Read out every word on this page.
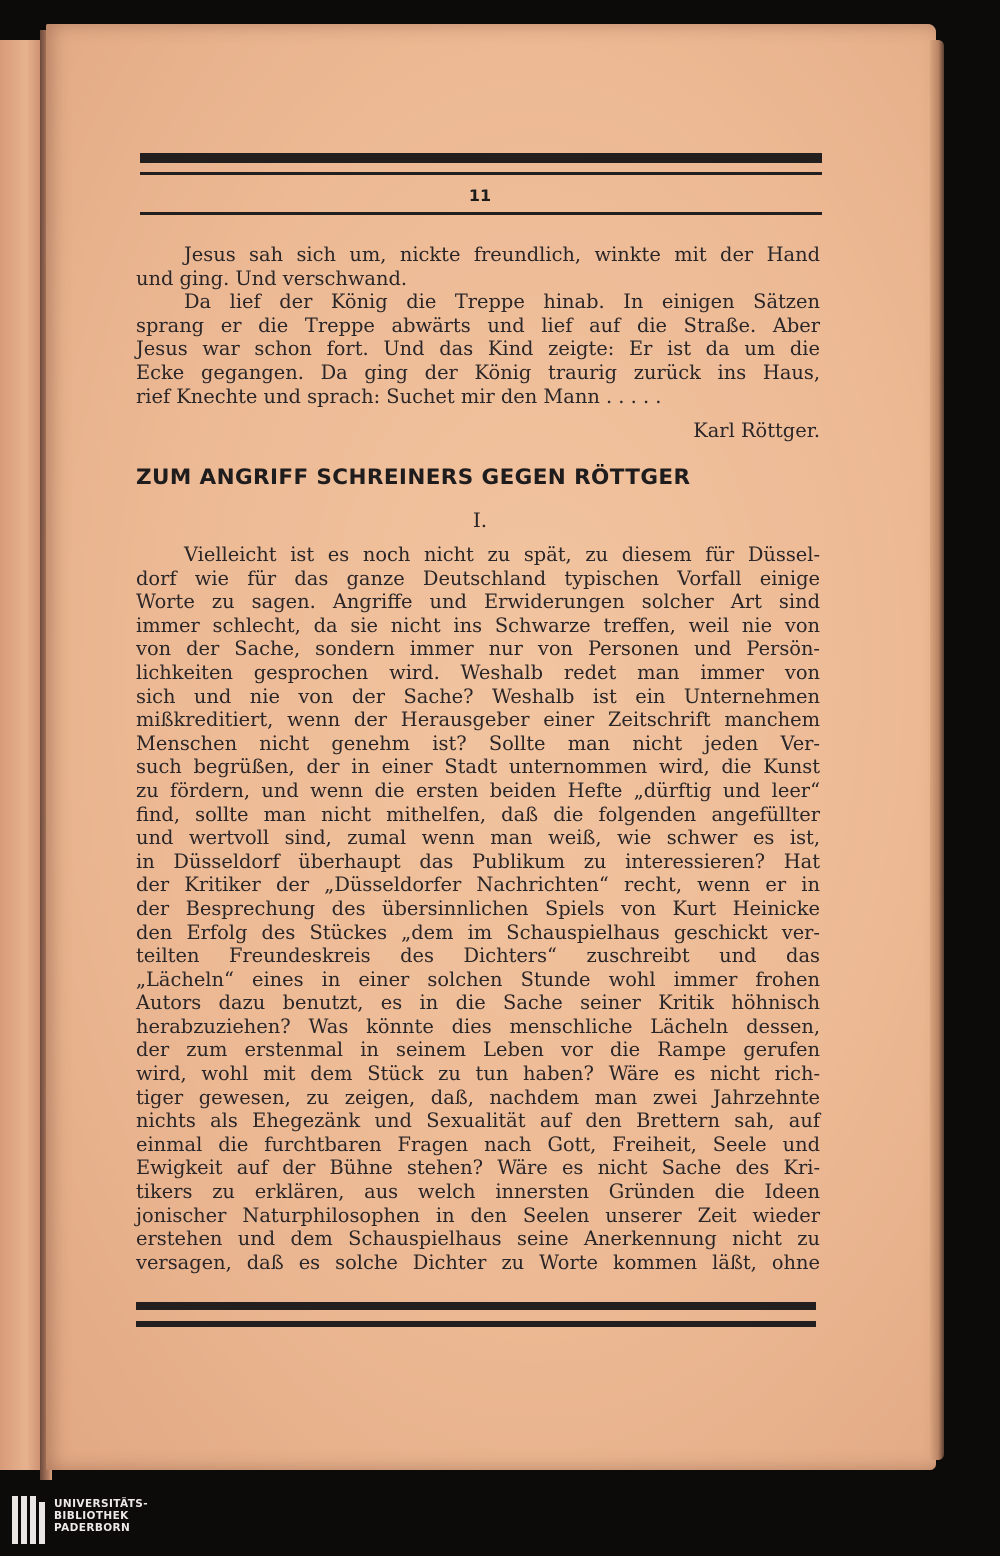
11
Jesus sah sich um, nickte freundlich, winkte mit der Hand
und ging. Und verschwand.
Da lief der König die Treppe hinab. In einigen Sätzen
sprang er die Treppe abwärts und lief auf die Straße. Aber
Jesus war schon fort. Und das Kind zeigte: Er ist da um die
Ecke gegangen. Da ging der König traurig zurück ins Haus,
rief Knechte und sprach: Suchet mir den Mann . . . . .
Karl Röttger.
ZUM ANGRIFF SCHREINERS GEGEN RÖTTGER
I.
Vielleicht ist es noch nicht zu spät, zu diesem für Düssel-
dorf wie für das ganze Deutschland typischen Vorfall einige
Worte zu sagen. Angriffe und Erwiderungen solcher Art sind
immer schlecht, da sie nicht ins Schwarze treffen, weil nie von
von der Sache, sondern immer nur von Personen und Persön-
lichkeiten gesprochen wird. Weshalb redet man immer von
sich und nie von der Sache? Weshalb ist ein Unternehmen
mißkreditiert, wenn der Herausgeber einer Zeitschrift manchem
Menschen nicht genehm ist? Sollte man nicht jeden Ver-
such begrüßen, der in einer Stadt unternommen wird, die Kunst
zu fördern, und wenn die ersten beiden Hefte „dürftig und leer“
find, sollte man nicht mithelfen, daß die folgenden angefüllter
und wertvoll sind, zumal wenn man weiß, wie schwer es ist,
in Düsseldorf überhaupt das Publikum zu interessieren? Hat
der Kritiker der „Düsseldorfer Nachrichten“ recht, wenn er in
der Besprechung des übersinnlichen Spiels von Kurt Heinicke
den Erfolg des Stückes „dem im Schauspielhaus geschickt ver-
teilten Freundeskreis des Dichters“ zuschreibt und das
„Lächeln“ eines in einer solchen Stunde wohl immer frohen
Autors dazu benutzt, es in die Sache seiner Kritik höhnisch
herabzuziehen? Was könnte dies menschliche Lächeln dessen,
der zum erstenmal in seinem Leben vor die Rampe gerufen
wird, wohl mit dem Stück zu tun haben? Wäre es nicht rich-
tiger gewesen, zu zeigen, daß, nachdem man zwei Jahrzehnte
nichts als Ehegezänk und Sexualität auf den Brettern sah, auf
einmal die furchtbaren Fragen nach Gott, Freiheit, Seele und
Ewigkeit auf der Bühne stehen? Wäre es nicht Sache des Kri-
tikers zu erklären, aus welch innersten Gründen die Ideen
jonischer Naturphilosophen in den Seelen unserer Zeit wieder
erstehen und dem Schauspielhaus seine Anerkennung nicht zu
versagen, daß es solche Dichter zu Worte kommen läßt, ohne
UNIVERSITÄTS-
BIBLIOTHEK
PADERBORN
